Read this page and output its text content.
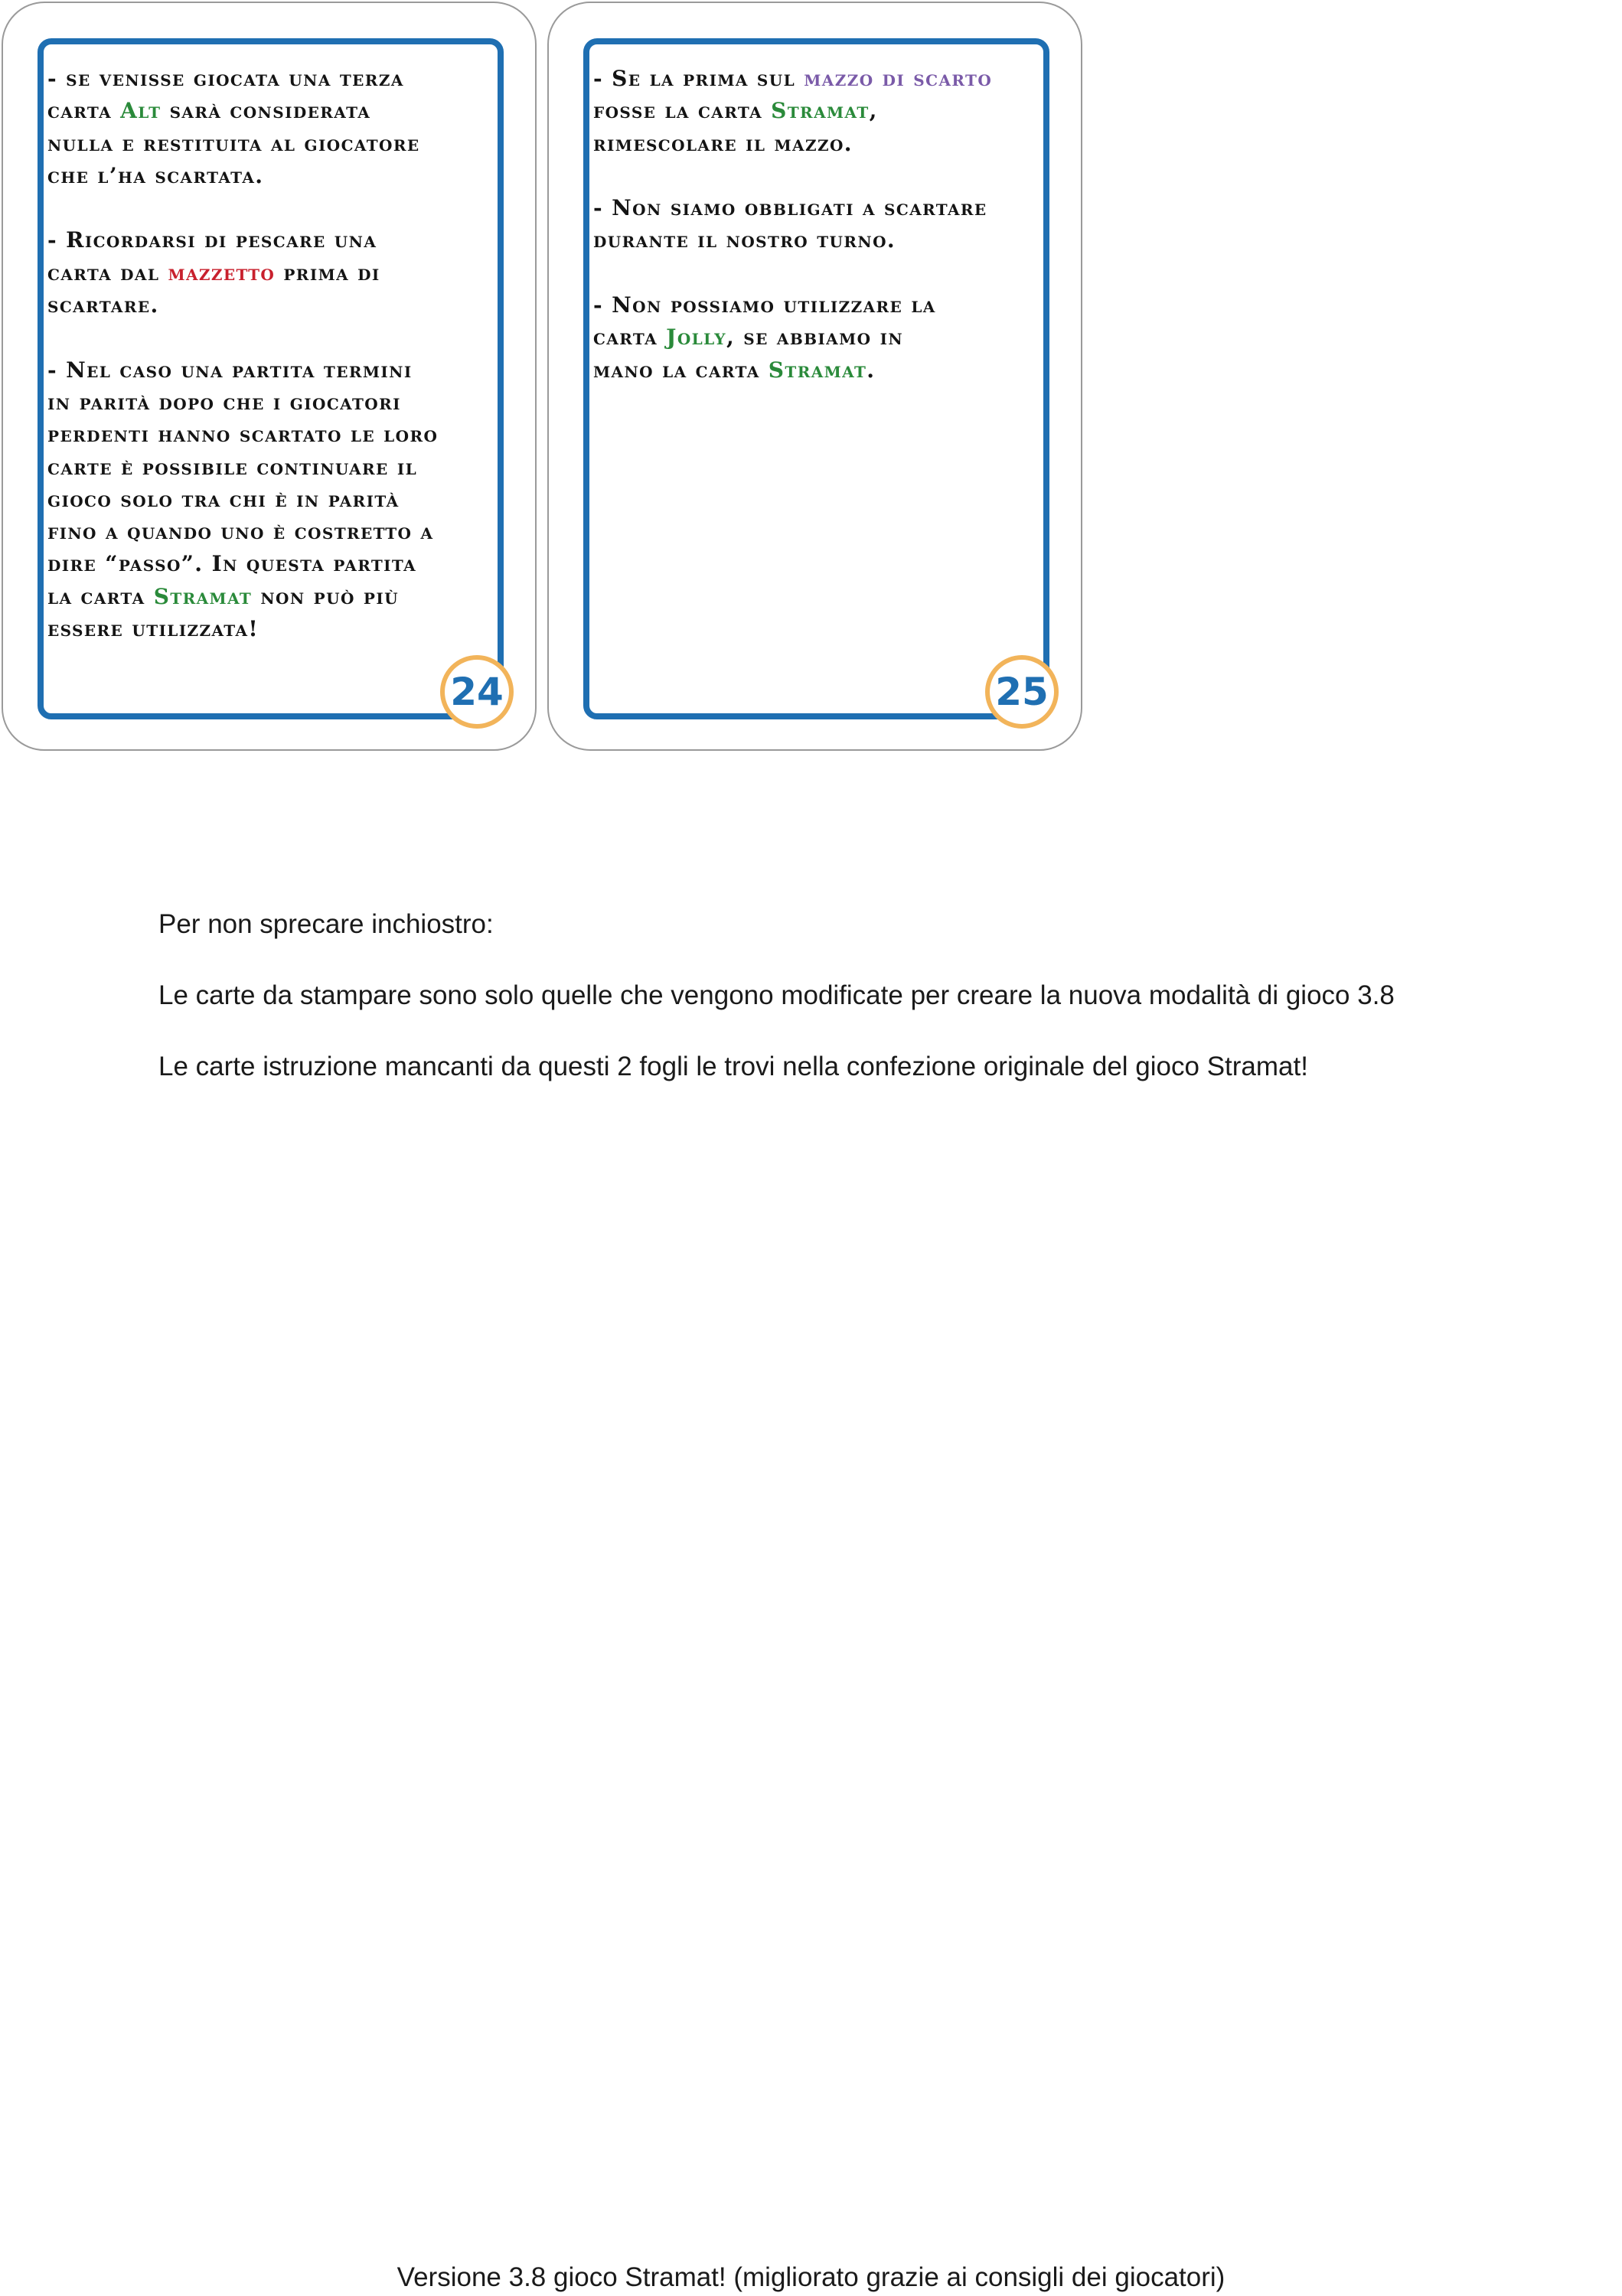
- se venisse giocata una terza
carta Alt sarà considerata
nulla e restituita al giocatore
che l’ha scartata.

- Ricordarsi di pescare una
carta dal mazzetto prima di
scartare.

- Nel caso una partita termini
in parità dopo che i giocatori
perdenti hanno scartato le loro
carte è possibile continuare il
gioco solo tra chi è in parità
fino a quando uno è costretto a
dire “passo”. In questa partita
la carta Stramat non può più
essere utilizzata!

24

- Se la prima sul mazzo di scarto
fosse la carta Stramat,
rimescolare il mazzo.

- Non siamo obbligati a scartare
durante il nostro turno.

- Non possiamo utilizzare la
carta Jolly, se abbiamo in
mano la carta Stramat.

25

Per non sprecare inchiostro:

Le carte da stampare sono solo quelle che vengono modificate per creare la nuova modalità di gioco 3.8

Le carte istruzione mancanti da questi 2 fogli le trovi nella confezione originale del gioco Stramat!

Versione 3.8 gioco Stramat! (migliorato grazie ai consigli dei giocatori)
